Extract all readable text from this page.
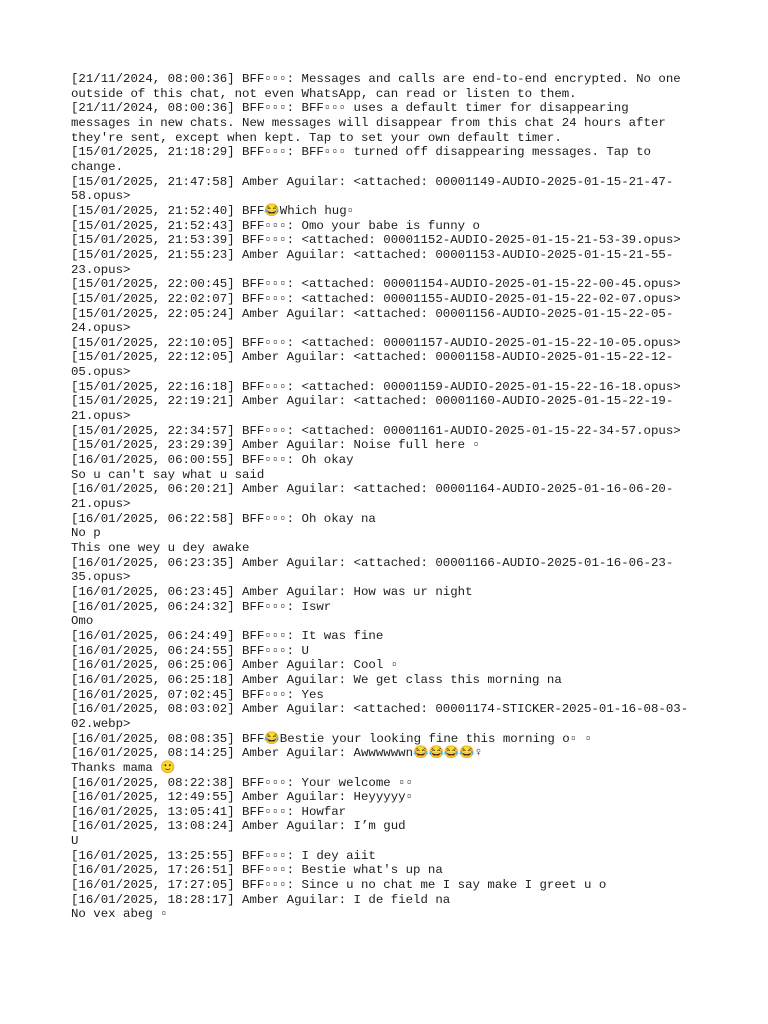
[21/11/2024, 08:00:36] BFF▫▫▫: Messages and calls are end-to-end encrypted. No one
outside of this chat, not even WhatsApp, can read or listen to them.
[21/11/2024, 08:00:36] BFF▫▫▫: BFF▫▫▫ uses a default timer for disappearing
messages in new chats. New messages will disappear from this chat 24 hours after
they're sent, except when kept. Tap to set your own default timer.
[15/01/2025, 21:18:29] BFF▫▫▫: BFF▫▫▫ turned off disappearing messages. Tap to
change.
[15/01/2025, 21:47:58] Amber Aguilar: <attached: 00001149-AUDIO-2025-01-15-21-47-
58.opus>
[15/01/2025, 21:52:40] BFF😂Which hug▫
[15/01/2025, 21:52:43] BFF▫▫▫: Omo your babe is funny o
[15/01/2025, 21:53:39] BFF▫▫▫: <attached: 00001152-AUDIO-2025-01-15-21-53-39.opus>
[15/01/2025, 21:55:23] Amber Aguilar: <attached: 00001153-AUDIO-2025-01-15-21-55-
23.opus>
[15/01/2025, 22:00:45] BFF▫▫▫: <attached: 00001154-AUDIO-2025-01-15-22-00-45.opus>
[15/01/2025, 22:02:07] BFF▫▫▫: <attached: 00001155-AUDIO-2025-01-15-22-02-07.opus>
[15/01/2025, 22:05:24] Amber Aguilar: <attached: 00001156-AUDIO-2025-01-15-22-05-
24.opus>
[15/01/2025, 22:10:05] BFF▫▫▫: <attached: 00001157-AUDIO-2025-01-15-22-10-05.opus>
[15/01/2025, 22:12:05] Amber Aguilar: <attached: 00001158-AUDIO-2025-01-15-22-12-
05.opus>
[15/01/2025, 22:16:18] BFF▫▫▫: <attached: 00001159-AUDIO-2025-01-15-22-16-18.opus>
[15/01/2025, 22:19:21] Amber Aguilar: <attached: 00001160-AUDIO-2025-01-15-22-19-
21.opus>
[15/01/2025, 22:34:57] BFF▫▫▫: <attached: 00001161-AUDIO-2025-01-15-22-34-57.opus>
[15/01/2025, 23:29:39] Amber Aguilar: Noise full here ▫
[16/01/2025, 06:00:55] BFF▫▫▫: Oh okay
So u can't say what u said
[16/01/2025, 06:20:21] Amber Aguilar: <attached: 00001164-AUDIO-2025-01-16-06-20-
21.opus>
[16/01/2025, 06:22:58] BFF▫▫▫: Oh okay na
No p
This one wey u dey awake
[16/01/2025, 06:23:35] Amber Aguilar: <attached: 00001166-AUDIO-2025-01-16-06-23-
35.opus>
[16/01/2025, 06:23:45] Amber Aguilar: How was ur night
[16/01/2025, 06:24:32] BFF▫▫▫: Iswr
Omo
[16/01/2025, 06:24:49] BFF▫▫▫: It was fine
[16/01/2025, 06:24:55] BFF▫▫▫: U
[16/01/2025, 06:25:06] Amber Aguilar: Cool ▫
[16/01/2025, 06:25:18] Amber Aguilar: We get class this morning na
[16/01/2025, 07:02:45] BFF▫▫▫: Yes
[16/01/2025, 08:03:02] Amber Aguilar: <attached: 00001174-STICKER-2025-01-16-08-03-
02.webp>
[16/01/2025, 08:08:35] BFF😂Bestie your looking fine this morning o▫ ▫
[16/01/2025, 08:14:25] Amber Aguilar: Awwwwwwn😂😂😂😂♀
Thanks mama 🙂
[16/01/2025, 08:22:38] BFF▫▫▫: Your welcome ▫▫
[16/01/2025, 12:49:55] Amber Aguilar: Heyyyyy▫
[16/01/2025, 13:05:41] BFF▫▫▫: Howfar
[16/01/2025, 13:08:24] Amber Aguilar: I’m gud
U
[16/01/2025, 13:25:55] BFF▫▫▫: I dey aiit
[16/01/2025, 17:26:51] BFF▫▫▫: Bestie what's up na
[16/01/2025, 17:27:05] BFF▫▫▫: Since u no chat me I say make I greet u o
[16/01/2025, 18:28:17] Amber Aguilar: I de field na
No vex abeg ▫
